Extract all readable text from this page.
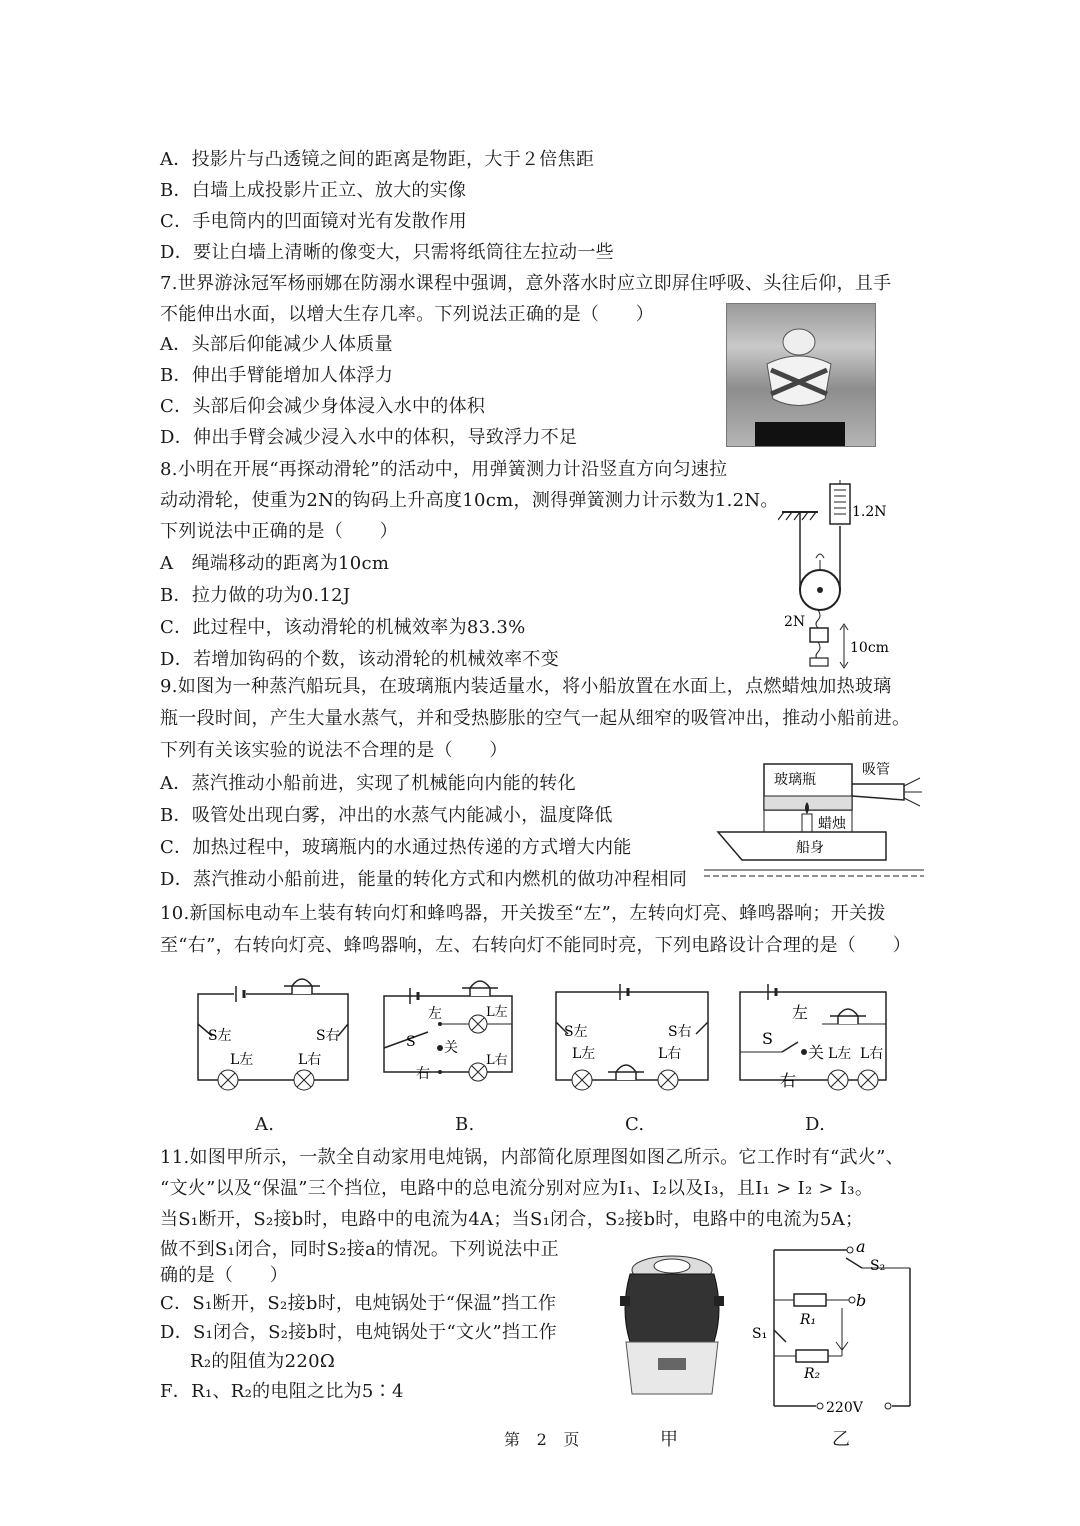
A．投影片与凸透镜之间的距离是物距，大于２倍焦距
B．白墙上成投影片正立、放大的实像
C．手电筒内的凹面镜对光有发散作用
D．要让白墙上清晰的像变大，只需将纸筒往左拉动一些
7.世界游泳冠军杨丽娜在防溺水课程中强调，意外落水时应立即屏住呼吸、头往后仰，且手
不能伸出水面，以增大生存几率。下列说法正确的是（　　）
A．头部后仰能减少人体质量
B．伸出手臂能增加人体浮力
C．头部后仰会减少身体浸入水中的体积
D．伸出手臂会减少浸入水中的体积，导致浮力不足
8.小明在开展“再探动滑轮”的活动中，用弹簧测力计沿竖直方向匀速拉
动动滑轮，使重为2N的钩码上升高度10cm，测得弹簧测力计示数为1.2N。
下列说法中正确的是（　　）
A　绳端移动的距离为10cm
B．拉力做的功为0.12J
C．此过程中，该动滑轮的机械效率为83.3%
D．若增加钩码的个数，该动滑轮的机械效率不变
1.2N
2N
10cm
9.如图为一种蒸汽船玩具，在玻璃瓶内装适量水，将小船放置在水面上，点燃蜡烛加热玻璃
瓶一段时间，产生大量水蒸气，并和受热膨胀的空气一起从细窄的吸管冲出，推动小船前进。
下列有关该实验的说法不合理的是（　　）
A．蒸汽推动小船前进，实现了机械能向内能的转化
B．吸管处出现白雾，冲出的水蒸气内能减小，温度降低
C．加热过程中，玻璃瓶内的水通过热传递的方式增大内能
D．蒸汽推动小船前进，能量的转化方式和内燃机的做功冲程相同
玻璃瓶
吸管
蜡烛
船身
10.新国标电动车上装有转向灯和蜂鸣器，开关拨至“左”，左转向灯亮、蜂鸣器响；开关拨
至“右”，右转向灯亮、蜂鸣器响，左、右转向灯不能同时亮，下列电路设计合理的是（　　）
S左	S右
L左	L右
左
S 关
右
L左
L右
S左	S右
L左	L右
左
S
关
右
L左 L右
A.	B.	C.	D.
11.如图甲所示，一款全自动家用电炖锅，内部简化原理图如图乙所示。它工作时有“武火”、
“文火”以及“保温”三个挡位，电路中的总电流分别对应为I₁、I₂以及I₃，且I₁ > I₂ > I₃。
当S₁断开，S₂接b时，电路中的电流为4A；当S₁闭合，S₂接b时，电路中的电流为5A；
做不到S₁闭合，同时S₂接a的情况。下列说法中正
确的是（　　）
C．S₁断开，S₂接b时，电炖锅处于“保温”挡工作
D．S₁闭合，S₂接b时，电炖锅处于“文火”挡工作
R₂的阻值为220Ω
F．R₁、R₂的电阻之比为5∶4
a
S₂
b
R₁
S₁
R₂
220V
甲	乙
第　2　页
